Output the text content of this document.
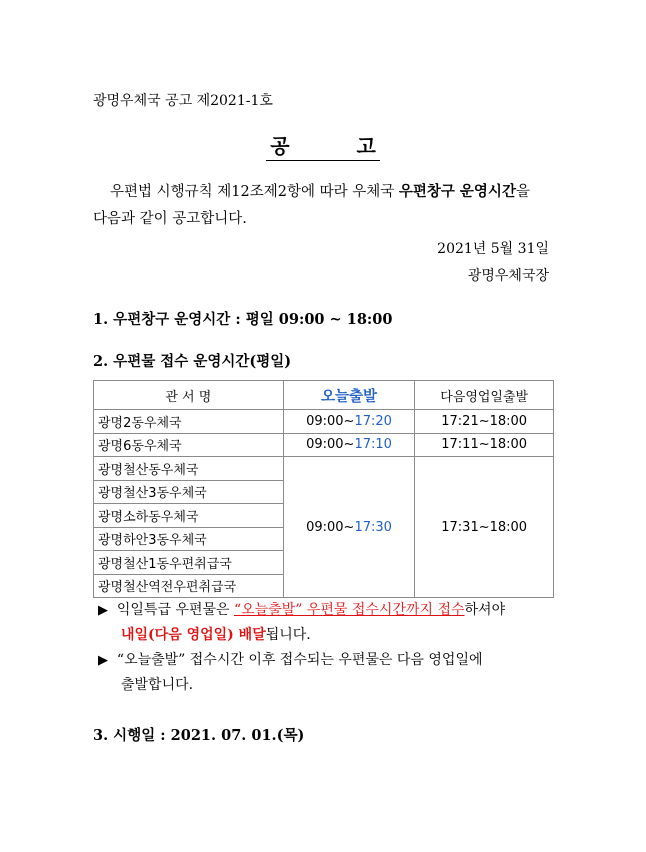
광명우체국 공고 제2021-1호
공 고
우편법 시행규칙 제12조제2항에 따라 우체국 우편창구 운영시간을
다음과 같이 공고합니다.
2021년 5월 31일
광명우체국장
1. 우편창구 운영시간 : 평일 09:00 ~ 18:00
2. 우편물 접수 운영시간(평일)
관 서 명	오늘출발	다음영업일출발
광명2동우체국	09:00~17:20	17:21~18:00
광명6동우체국	09:00~17:10	17:11~18:00
광명철산동우체국	09:00~17:30	17:31~18:00
광명철산3동우체국		
광명소하동우체국		
광명하안3동우체국		
광명철산1동우편취급국		
광명철산역전우편취급국		
▶ 익일특급 우편물은 “오늘출발” 우편물 접수시간까지 접수하셔야
내일(다음 영업일) 배달됩니다.
▶ “오늘출발” 접수시간 이후 접수되는 우편물은 다음 영업일에
출발합니다.
3. 시행일 : 2021. 07. 01.(목)
